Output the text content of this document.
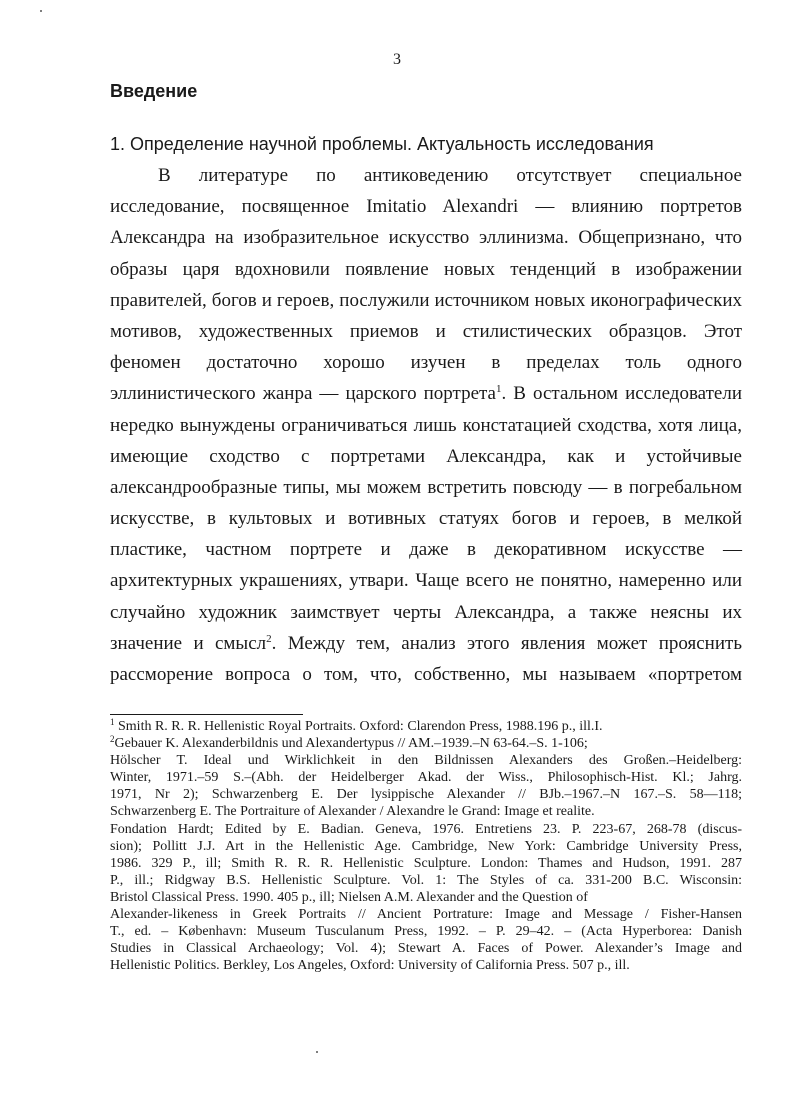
3
Введение
1. Определение научной проблемы. Актуальность исследования
В литературе по антиковедению отсутствует специальное
исследование, посвященное Imitatio Alexandri — влиянию портретов
Александра на изобразительное искусство эллинизма. Общепризнано, что
образы царя вдохновили появление новых тенденций в изображении
правителей, богов и героев, послужили источником новых иконографических
мотивов, художественных приемов и стилистических образцов. Этот
феномен достаточно хорошо изучен в пределах толь одного
эллинистического жанра — царского портрета$^1$. В остальном исследователи
нередко вынуждены ограничиваться лишь констатацией сходства, хотя лица,
имеющие сходство с портретами Александра, как и устойчивые
александрообразные типы, мы можем встретить повсюду — в погребальном
искусстве, в культовых и вотивных статуях богов и героев, в мелкой
пластике, частном портрете и даже в декоративном искусстве —
архитектурных украшениях, утвари. Чаще всего не понятно, намеренно или
случайно художник заимствует черты Александра, а также неясны их
значение и смысл$^2$. Между тем, анализ этого явления может прояснить
рассморение вопроса о том, что, собственно, мы называем «портретом
$^1$ Smith R. R. R. Hellenistic Royal Portraits. Oxford: Clarendon Press, 1988.196 p., ill.I.
$^2$Gebauer K. Alexanderbildnis und Alexandertypus // AM.–1939.–N 63-64.–S. 1-106;
Hölscher T. Ideal und Wirklichkeit in den Bildnissen Alexanders des Großen.–Heidelberg:
Winter, 1971.–59 S.–(Abh. der Heidelberger Akad. der Wiss., Philosophisch-Hist. Kl.; Jahrg.
1971, Nr 2); Schwarzenberg E. Der lysippische Alexander // BJb.–1967.–N 167.–S. 58—118;
Schwarzenberg E. The Portraiture of Alexander / Alexandre le Grand: Image et realite.
Fondation Hardt; Edited by E. Badian. Geneva, 1976. Entretiens 23. P. 223-67, 268-78 (discus-
sion); Pollitt J.J. Art in the Hellenistic Age. Cambridge, New York: Cambridge University Press,
1986. 329 P., ill; Smith R. R. R. Hellenistic Sculpture. London: Thames and Hudson, 1991. 287
P., ill.; Ridgway B.S. Hellenistic Sculpture. Vol. 1: The Styles of ca. 331-200 B.C. Wisconsin:
Bristol Classical Press. 1990. 405 p., ill; Nielsen A.M. Alexander and the Question of
Alexander-likeness in Greek Portraits // Ancient Portrature: Image and Message / Fisher-Hansen
T., ed. – København: Museum Tusculanum Press, 1992. – P. 29–42. – (Acta Hyperborea: Danish
Studies in Classical Archaeology; Vol. 4); Stewart A. Faces of Power. Alexander’s Image and
Hellenistic Politics. Berkley, Los Angeles, Oxford: University of California Press. 507 p., ill.
